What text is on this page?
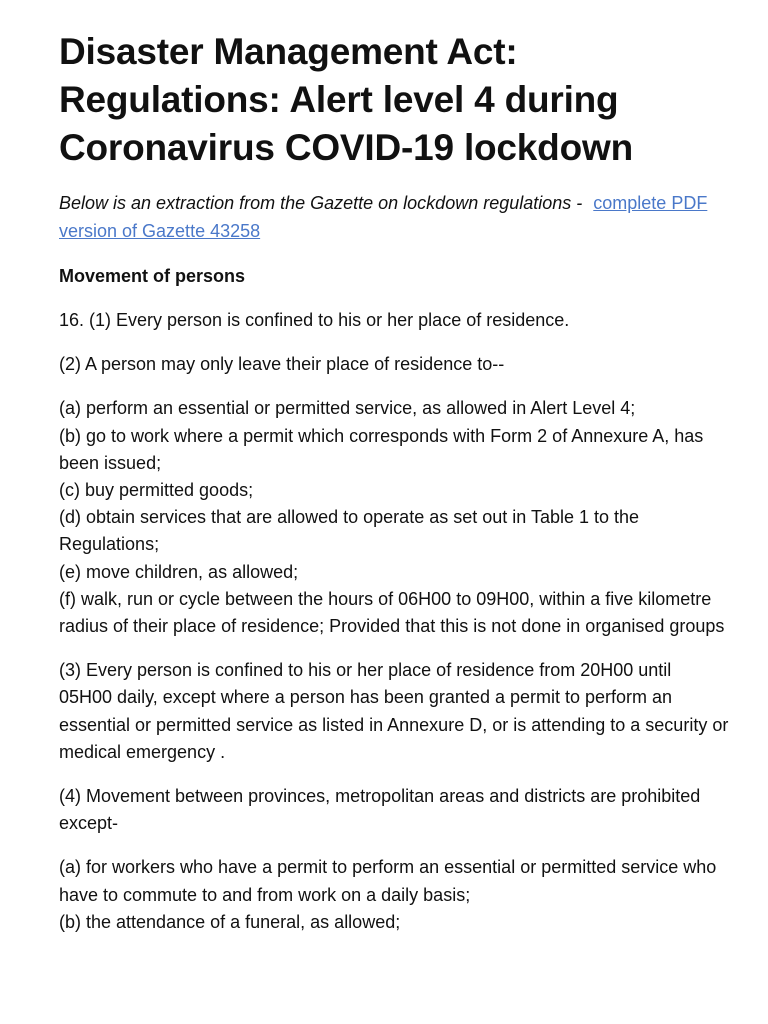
Disaster Management Act: Regulations: Alert level 4 during Coronavirus COVID-19 lockdown

Below is an extraction from the Gazette on lockdown regulations - complete PDF version of Gazette 43258

Movement of persons

16. (1) Every person is confined to his or her place of residence.

(2) A person may only leave their place of residence to--

(a) perform an essential or permitted service, as allowed in Alert Level 4;
(b) go to work where a permit which corresponds with Form 2 of Annexure A, has been issued;
(c) buy permitted goods;
(d) obtain services that are allowed to operate as set out in Table 1 to the Regulations;
(e) move children, as allowed;
(f) walk, run or cycle between the hours of 06H00 to 09H00, within a five kilometre radius of their place of residence; Provided that this is not done in organised groups

(3) Every person is confined to his or her place of residence from 20H00 until 05H00 daily, except where a person has been granted a permit to perform an essential or permitted service as listed in Annexure D, or is attending to a security or medical emergency .

(4) Movement between provinces, metropolitan areas and districts are prohibited except-

(a) for workers who have a permit to perform an essential or permitted service who have to commute to and from work on a daily basis;
(b) the attendance of a funeral, as allowed;
